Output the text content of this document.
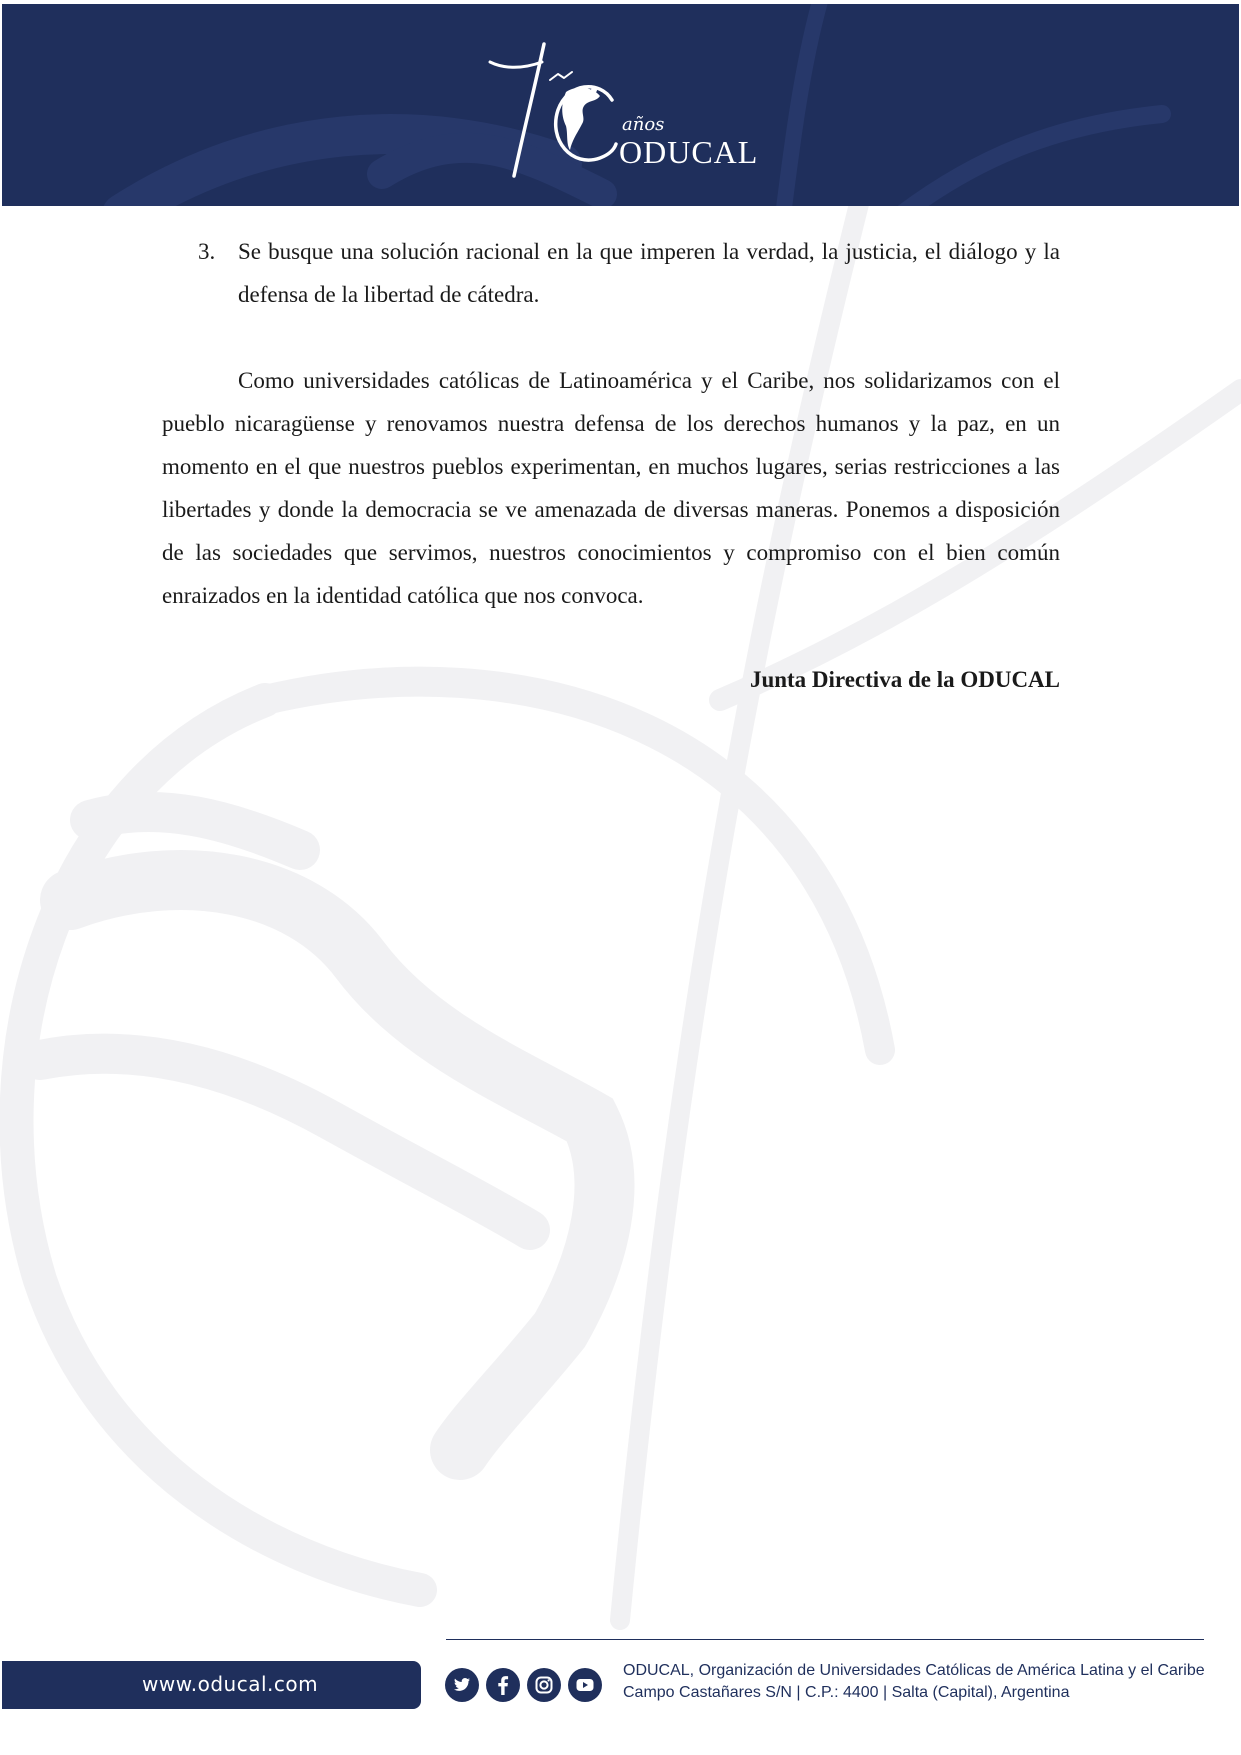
años
ODUCAL
3. Se busque una solución racional en la que imperen la verdad, la justicia, el diálogo y la defensa de la libertad de cátedra.

Como universidades católicas de Latinoamérica y el Caribe, nos solidarizamos con el pueblo nicaragüense y renovamos nuestra defensa de los derechos humanos y la paz, en un momento en el que nuestros pueblos experimentan, en muchos lugares, serias restricciones a las libertades y donde la democracia se ve amenazada de diversas maneras. Ponemos a disposición de las sociedades que servimos, nuestros conocimientos y compromiso con el bien común enraizados en la identidad católica que nos convoca.

Junta Directiva de la ODUCAL
www.oducal.com
ODUCAL, Organización de Universidades Católicas de América Latina y el Caribe
Campo Castañares S/N | C.P.: 4400 | Salta (Capital), Argentina
